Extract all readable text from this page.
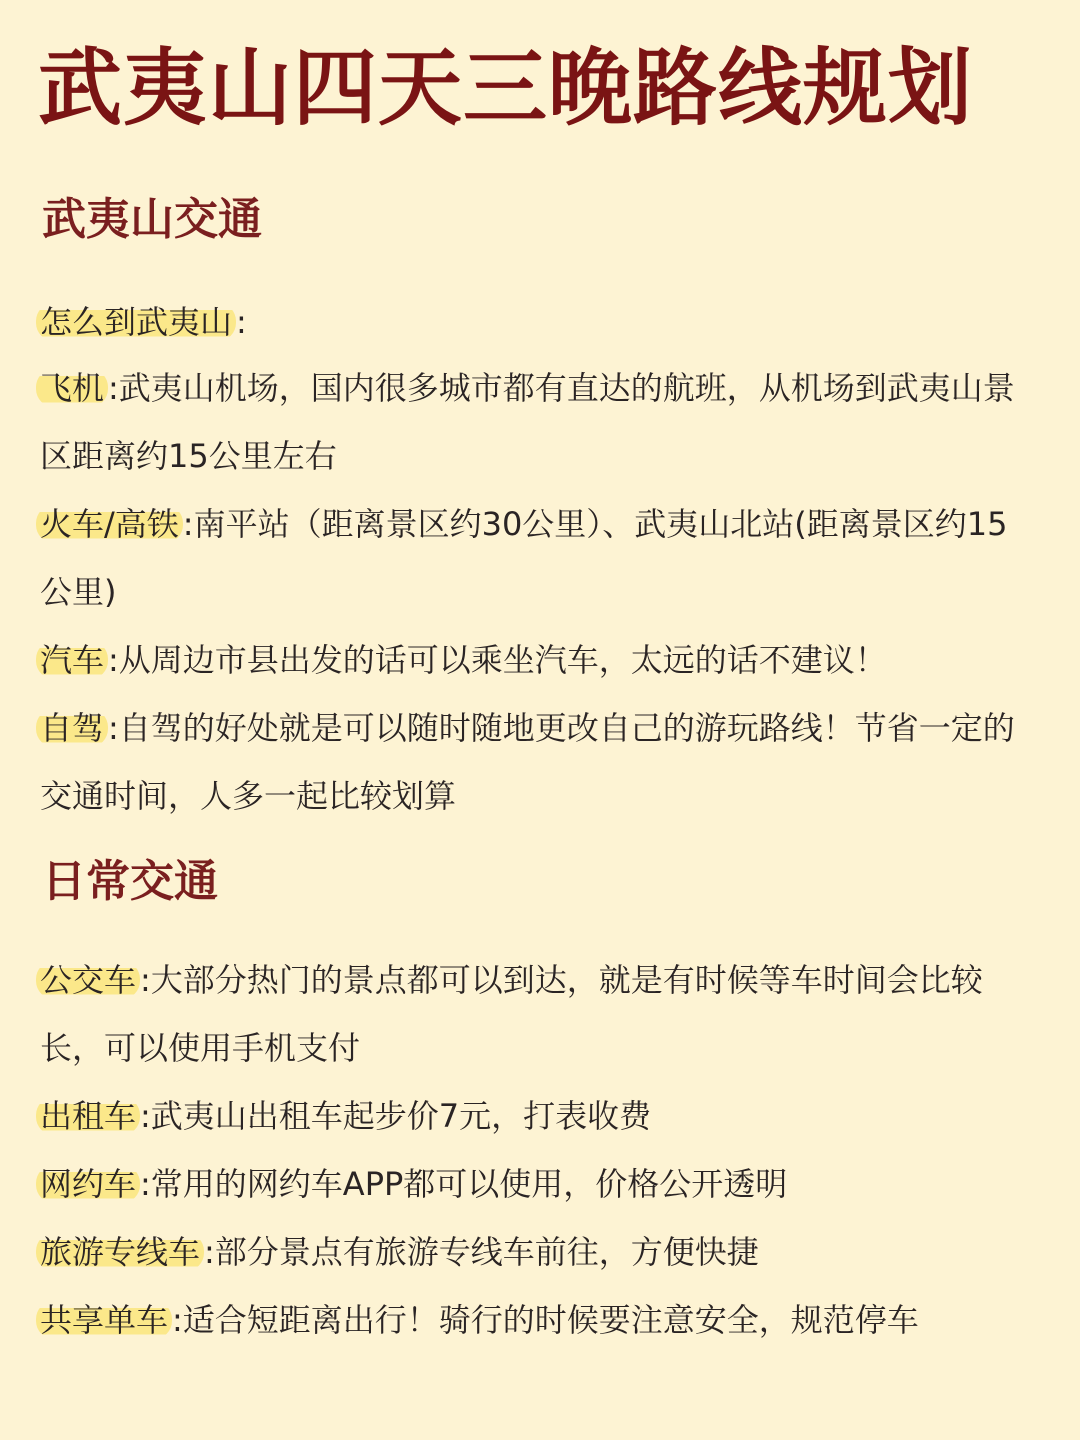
武夷山四天三晚路线规划
武夷山交通

怎么到武夷山 :

飞机 :武夷山机场，国内很多城市都有直达的航班，从机场到武夷山景区距离约15公里左右

火车/高铁 :南平站（距离景区约30公里）、武夷山北站(距离景区约15公里)

汽车 :从周边市县出发的话可以乘坐汽车，太远的话不建议！

自驾 :自驾的好处就是可以随时随地更改自己的游玩路线！节省一定的交通时间，人多一起比较划算

日常交通

公交车 :大部分热门的景点都可以到达，就是有时候等车时间会比较长，可以使用手机支付

出租车 :武夷山出租车起步价7元，打表收费

网约车 :常用的网约车APP都可以使用，价格公开透明

旅游专线车 :部分景点有旅游专线车前往，方便快捷

共享单车 :适合短距离出行！骑行的时候要注意安全，规范停车
